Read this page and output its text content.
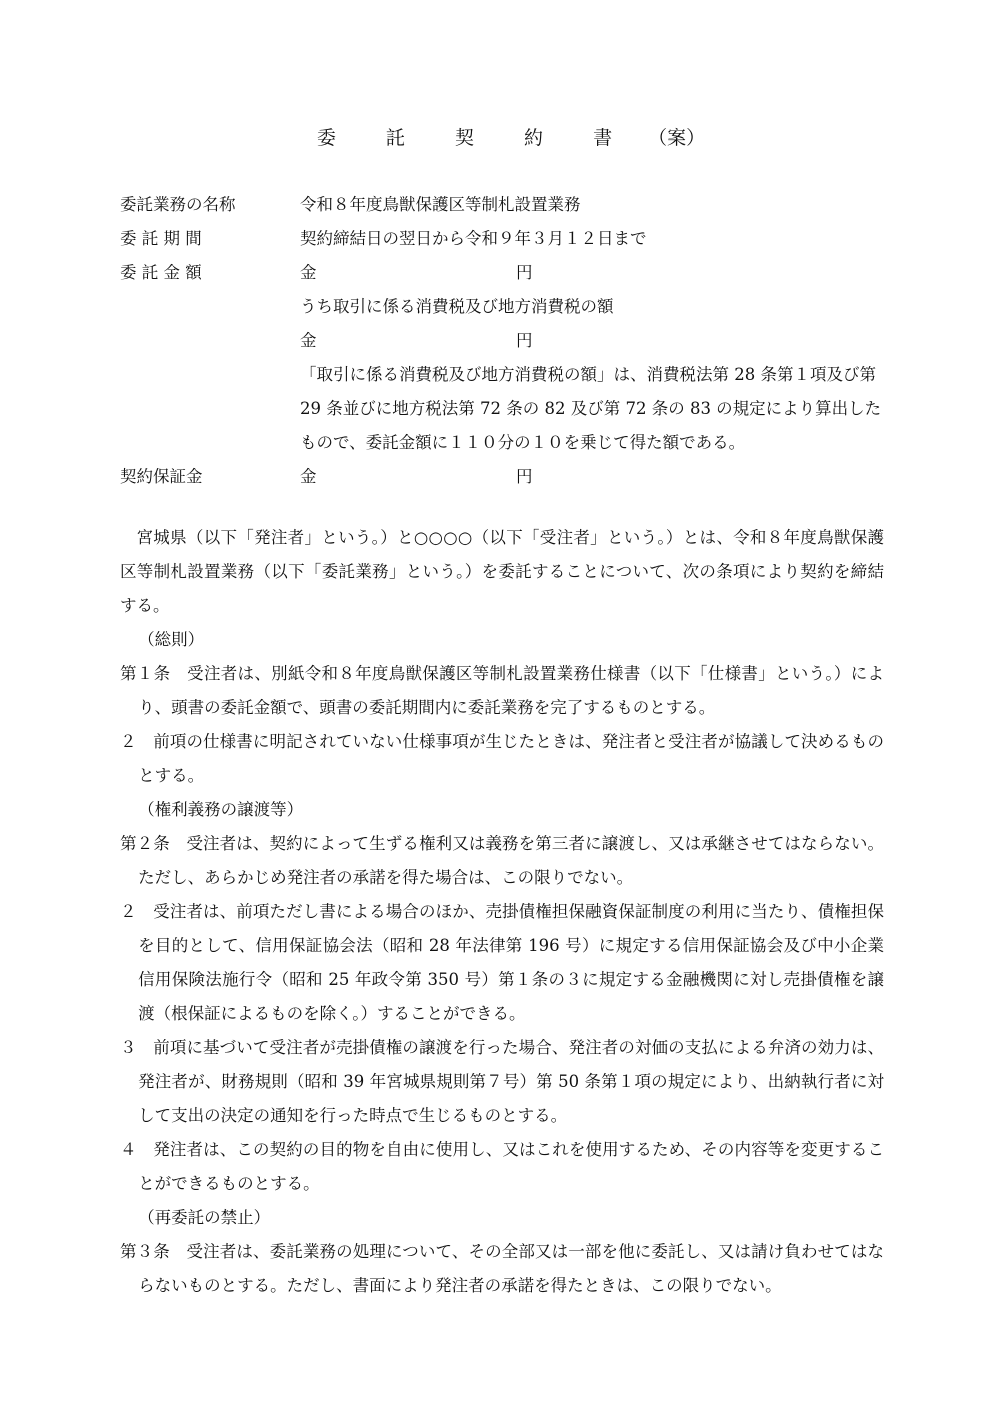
委	託	契	約	書 （案）
委託業務の名称	令和８年度鳥獣保護区等制札設置業務
委 託 期 間	契約締結日の翌日から令和９年３月１２日まで
委 託 金 額	金	円
うち取引に係る消費税及び地方消費税の額
金	円
「取引に係る消費税及び地方消費税の額」は、消費税法第 28 条第１項及び第 29 条並びに地方税法第 72 条の 82 及び第 72 条の 83 の規定により算出したもので、委託金額に１１０分の１０を乗じて得た額である。
契約保証金	金	円

宮城県（以下「発注者」という。）と○○○○（以下「受注者」という。）とは、令和８年度鳥獣保護区等制札設置業務（以下「委託業務」という。）を委託することについて、次の条項により契約を締結する。

（総則）

第１条　受注者は、別紙令和８年度鳥獣保護区等制札設置業務仕様書（以下「仕様書」という。）により、頭書の委託金額で、頭書の委託期間内に委託業務を完了するものとする。

２　前項の仕様書に明記されていない仕様事項が生じたときは、発注者と受注者が協議して決めるものとする。

（権利義務の譲渡等）

第２条　受注者は、契約によって生ずる権利又は義務を第三者に譲渡し、又は承継させてはならない。ただし、あらかじめ発注者の承諾を得た場合は、この限りでない。

２　受注者は、前項ただし書による場合のほか、売掛債権担保融資保証制度の利用に当たり、債権担保を目的として、信用保証協会法（昭和 28 年法律第 196 号）に規定する信用保証協会及び中小企業信用保険法施行令（昭和 25 年政令第 350 号）第１条の３に規定する金融機関に対し売掛債権を譲渡（根保証によるものを除く。）することができる。

３　前項に基づいて受注者が売掛債権の譲渡を行った場合、発注者の対価の支払による弁済の効力は、発注者が、財務規則（昭和 39 年宮城県規則第７号）第 50 条第１項の規定により、出納執行者に対して支出の決定の通知を行った時点で生じるものとする。

４　発注者は、この契約の目的物を自由に使用し、又はこれを使用するため、その内容等を変更することができるものとする。

（再委託の禁止）

第３条　受注者は、委託業務の処理について、その全部又は一部を他に委託し、又は請け負わせてはならないものとする。ただし、書面により発注者の承諾を得たときは、この限りでない。
